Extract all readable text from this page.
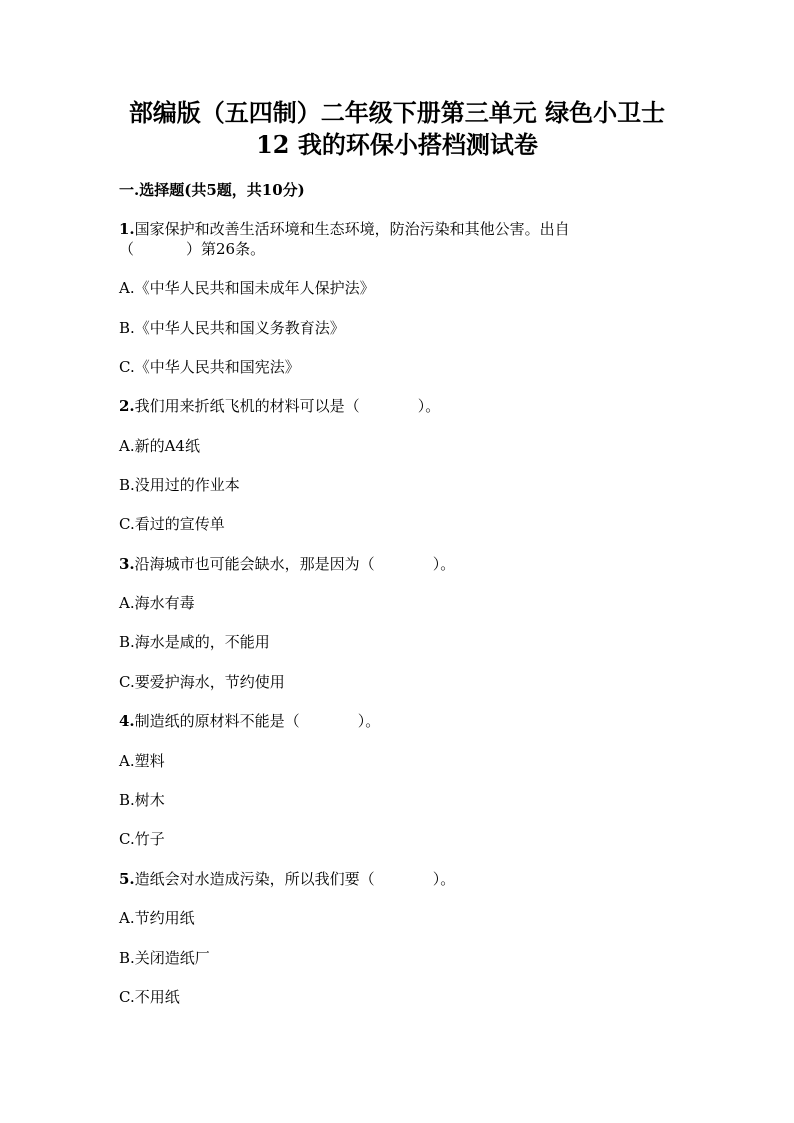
部编版（五四制）二年级下册第三单元 绿色小卫士
12 我的环保小搭档测试卷
一.选择题(共5题，共10分)
1.国家保护和改善生活环境和生态环境，防治污染和其他公害。出自
（	）第26条。
A.《中华人民共和国未成年人保护法》
B.《中华人民共和国义务教育法》
C.《中华人民共和国宪法》
2.我们用来折纸飞机的材料可以是（	）。
A.新的A4纸
B.没用过的作业本
C.看过的宣传单
3.沿海城市也可能会缺水，那是因为（	）。
A.海水有毒
B.海水是咸的，不能用
C.要爱护海水，节约使用
4.制造纸的原材料不能是（	）。
A.塑料
B.树木
C.竹子
5.造纸会对水造成污染，所以我们要（	）。
A.节约用纸
B.关闭造纸厂
C.不用纸
